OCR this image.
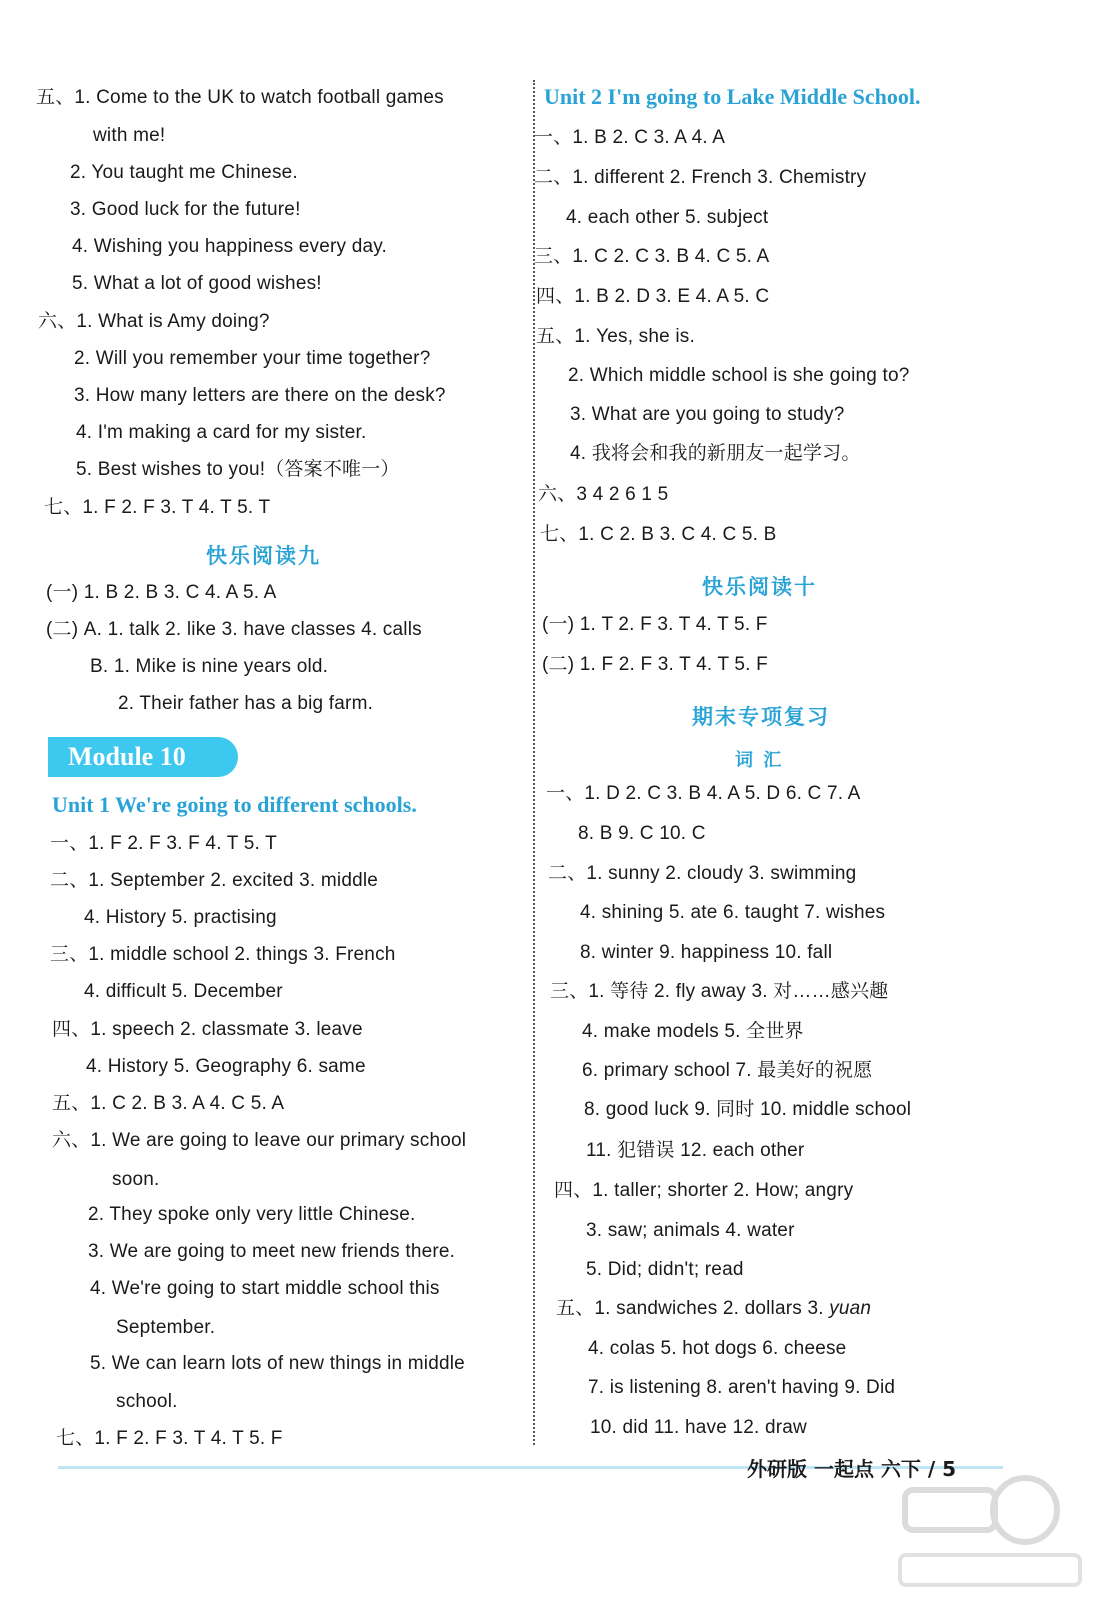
五、1. Come to the UK to watch football games
with me!
2. You taught me Chinese.
3. Good luck for the future!
4. Wishing you happiness every day.
5. What a lot of good wishes!
六、1. What is Amy doing?
2. Will you remember your time together?
3. How many letters are there on the desk?
4. I'm making a card for my sister.
5. Best wishes to you!（答案不唯一）
七、1. F 2. F 3. T 4. T 5. T
快乐阅读九
(一) 1. B 2. B 3. C 4. A 5. A
(二) A. 1. talk 2. like 3. have classes 4. calls
B. 1. Mike is nine years old.
2. Their father has a big farm.
Module 10
Unit 1 We're going to different schools.
一、1. F 2. F 3. F 4. T 5. T
二、1. September 2. excited 3. middle
4. History 5. practising
三、1. middle school 2. things 3. French
4. difficult 5. December
四、1. speech 2. classmate 3. leave
4. History 5. Geography 6. same
五、1. C 2. B 3. A 4. C 5. A
六、1. We are going to leave our primary school
soon.
2. They spoke only very little Chinese.
3. We are going to meet new friends there.
4. We're going to start middle school this
September.
5. We can learn lots of new things in middle
school.
七、1. F 2. F 3. T 4. T 5. F
Unit 2 I'm going to Lake Middle School.
一、1. B 2. C 3. A 4. A
二、1. different 2. French 3. Chemistry
4. each other 5. subject
三、1. C 2. C 3. B 4. C 5. A
四、1. B 2. D 3. E 4. A 5. C
五、1. Yes, she is.
2. Which middle school is she going to?
3. What are you going to study?
4. 我将会和我的新朋友一起学习。
六、3 4 2 6 1 5
七、1. C 2. B 3. C 4. C 5. B
快乐阅读十
(一) 1. T 2. F 3. T 4. T 5. F
(二) 1. F 2. F 3. T 4. T 5. F
期末专项复习
词 汇
一、1. D 2. C 3. B 4. A 5. D 6. C 7. A
8. B 9. C 10. C
二、1. sunny 2. cloudy 3. swimming
4. shining 5. ate 6. taught 7. wishes
8. winter 9. happiness 10. fall
三、1. 等待 2. fly away 3. 对……感兴趣
4. make models 5. 全世界
6. primary school 7. 最美好的祝愿
8. good luck 9. 同时 10. middle school
11. 犯错误 12. each other
四、1. taller; shorter 2. How; angry
3. saw; animals 4. water
5. Did; didn't; read
五、1. sandwiches 2. dollars 3. yuan
4. colas 5. hot dogs 6. cheese
7. is listening 8. aren't having 9. Did
10. did 11. have 12. draw
外研版 一起点 六下 / 5
